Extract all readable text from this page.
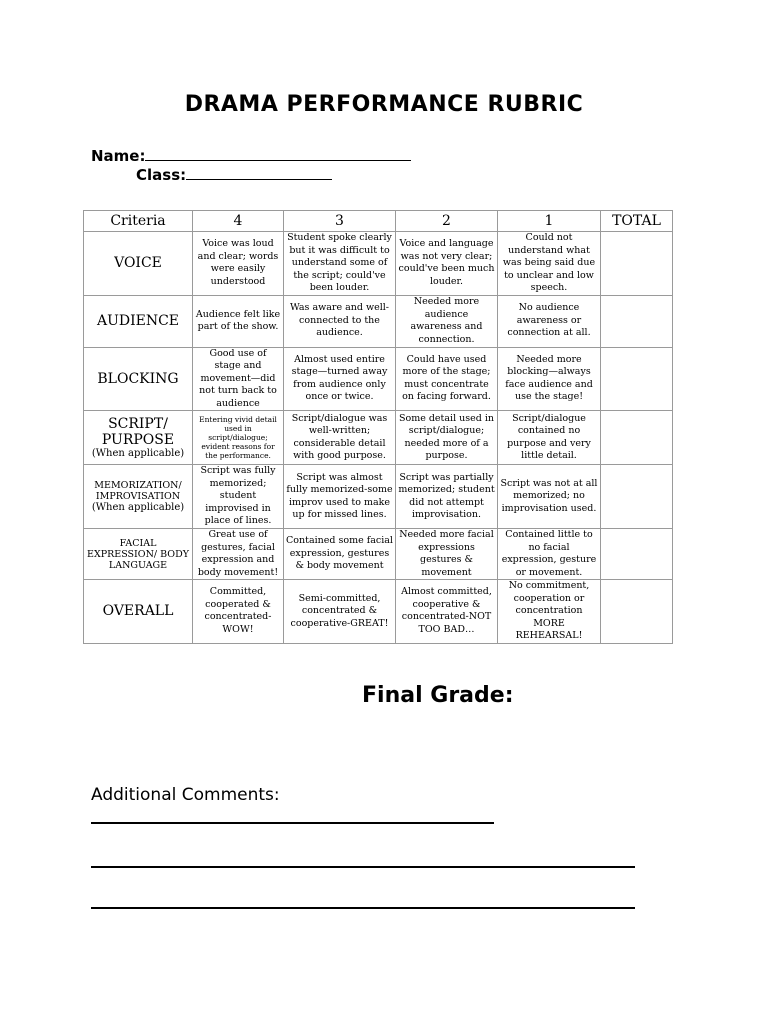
DRAMA PERFORMANCE RUBRIC
Name:
Class:
Criteria	4	3	2	1	TOTAL

VOICE	Voice was loud and clear; words were easily understood	Student spoke clearly but it was difficult to understand some of the script; could've been louder.	Voice and language was not very clear; could've been much louder.	Could not understand what was being said due to unclear and low speech.	

AUDIENCE	Audience felt like part of the show.	Was aware and well-connected to the audience.	Needed more audience awareness and connection.	No audience awareness or connection at all.	

BLOCKING	Good use of stage and movement—did not turn back to audience	Almost used entire stage—turned away from audience only once or twice.	Could have used more of the stage; must concentrate on facing forward.	Needed more blocking—always face audience and use the stage!	

SCRIPT/ PURPOSE
(When applicable)	Entering vivid detail used in script/dialogue; evident reasons for the performance.	Script/dialogue was well-written; considerable detail with good purpose.	Some detail used in script/dialogue; needed more of a purpose.	Script/dialogue contained no purpose and very little detail.	

MEMORIZATION/ IMPROVISATION
(When applicable)	Script was fully memorized; student improvised in place of lines.	Script was almost fully memorized-some improv used to make up for missed lines.	Script was partially memorized; student did not attempt improvisation.	Script was not at all memorized; no improvisation used.	

FACIAL EXPRESSION/ BODY LANGUAGE	Great use of gestures, facial expression and body movement!	Contained some facial expression, gestures & body movement	Needed more facial expressions gestures & movement	Contained little to no facial expression, gesture or movement.	

OVERALL	Committed, cooperated & concentrated-WOW!	Semi-committed, concentrated & cooperative-GREAT!	Almost committed, cooperative & concentrated-NOT TOO BAD…	No commitment, cooperation or concentration MORE REHEARSAL!	
Final Grade:
Additional Comments:
